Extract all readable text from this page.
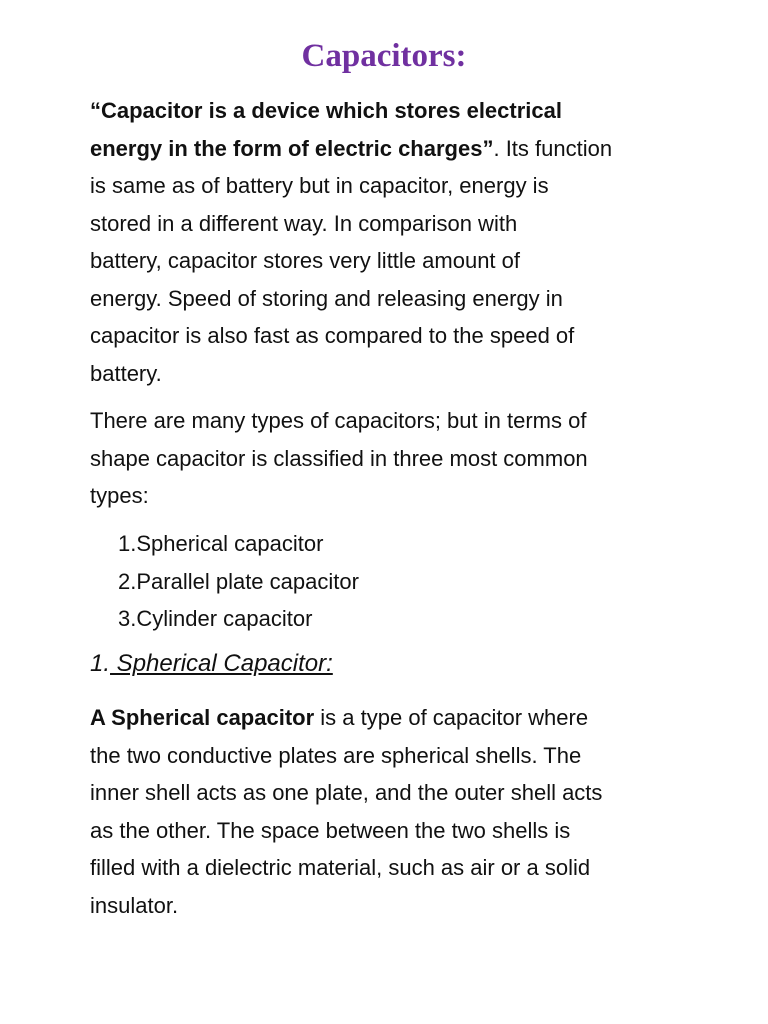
Capacitors:

“Capacitor is a device which stores electrical
energy in the form of electric charges”. Its function
is same as of battery but in capacitor, energy is
stored in a different way. In comparison with
battery, capacitor stores very little amount of
energy. Speed of storing and releasing energy in
capacitor is also fast as compared to the speed of
battery.

There are many types of capacitors; but in terms of
shape capacitor is classified in three most common
types:

1.Spherical capacitor
2.Parallel plate capacitor
3.Cylinder capacitor
1. Spherical Capacitor:

A Spherical capacitor is a type of capacitor where
the two conductive plates are spherical shells. The
inner shell acts as one plate, and the outer shell acts
as the other. The space between the two shells is
filled with a dielectric material, such as air or a solid
insulator.
